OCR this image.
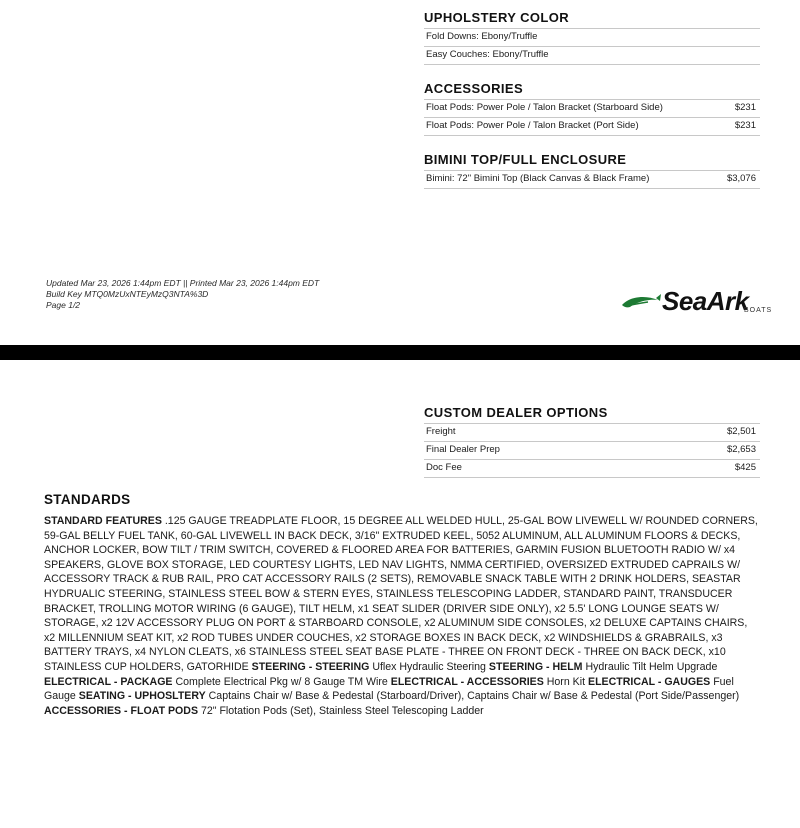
UPHOLSTERY COLOR
Fold Downs: Ebony/Truffle	
Easy Couches: Ebony/Truffle	
ACCESSORIES
Float Pods: Power Pole / Talon Bracket (Starboard Side)	$231
Float Pods: Power Pole / Talon Bracket (Port Side)	$231
BIMINI TOP/FULL ENCLOSURE
Bimini: 72" Bimini Top (Black Canvas & Black Frame)	$3,076
Updated Mar 23, 2026 1:44pm EDT || Printed Mar 23, 2026 1:44pm EDT
Build Key MTQ0MzUxNTEyMzQ3NTA%3D
Page 1/2	SeaArk
BOATS
CUSTOM DEALER OPTIONS
Freight	$2,501
Final Dealer Prep	$2,653
Doc Fee	$425
STANDARDS
STANDARD FEATURES .125 GAUGE TREADPLATE FLOOR, 15 DEGREE ALL WELDED HULL, 25-GAL BOW LIVEWELL W/ ROUNDED CORNERS, 59-GAL BELLY FUEL TANK, 60-GAL LIVEWELL IN BACK DECK, 3/16" EXTRUDED KEEL, 5052 ALUMINUM, ALL ALUMINUM FLOORS & DECKS, ANCHOR LOCKER, BOW TILT / TRIM SWITCH, COVERED & FLOORED AREA FOR BATTERIES, GARMIN FUSION BLUETOOTH RADIO W/ x4 SPEAKERS, GLOVE BOX STORAGE, LED COURTESY LIGHTS, LED NAV LIGHTS, NMMA CERTIFIED, OVERSIZED EXTRUDED CAPRAILS W/ ACCESSORY TRACK & RUB RAIL, PRO CAT ACCESSORY RAILS (2 SETS), REMOVABLE SNACK TABLE WITH 2 DRINK HOLDERS, SEASTAR HYDRUALIC STEERING, STAINLESS STEEL BOW & STERN EYES, STAINLESS TELESCOPING LADDER, STANDARD PAINT, TRANSDUCER BRACKET, TROLLING MOTOR WIRING (6 GAUGE), TILT HELM, x1 SEAT SLIDER (DRIVER SIDE ONLY), x2 5.5' LONG LOUNGE SEATS W/ STORAGE, x2 12V ACCESSORY PLUG ON PORT & STARBOARD CONSOLE, x2 ALUMINUM SIDE CONSOLES, x2 DELUXE CAPTAINS CHAIRS, x2 MILLENNIUM SEAT KIT, x2 ROD TUBES UNDER COUCHES, x2 STORAGE BOXES IN BACK DECK, x2 WINDSHIELDS & GRABRAILS, x3 BATTERY TRAYS, x4 NYLON CLEATS, x6 STAINLESS STEEL SEAT BASE PLATE - THREE ON FRONT DECK - THREE ON BACK DECK, x10 STAINLESS CUP HOLDERS, GATORHIDE STEERING - STEERING Uflex Hydraulic Steering STEERING - HELM Hydraulic Tilt Helm Upgrade ELECTRICAL - PACKAGE Complete Electrical Pkg w/ 8 Gauge TM Wire ELECTRICAL - ACCESSORIES Horn Kit ELECTRICAL - GAUGES Fuel Gauge SEATING - UPHOSLTERY Captains Chair w/ Base & Pedestal (Starboard/Driver), Captains Chair w/ Base & Pedestal (Port Side/Passenger) ACCESSORIES - FLOAT PODS 72" Flotation Pods (Set), Stainless Steel Telescoping Ladder
